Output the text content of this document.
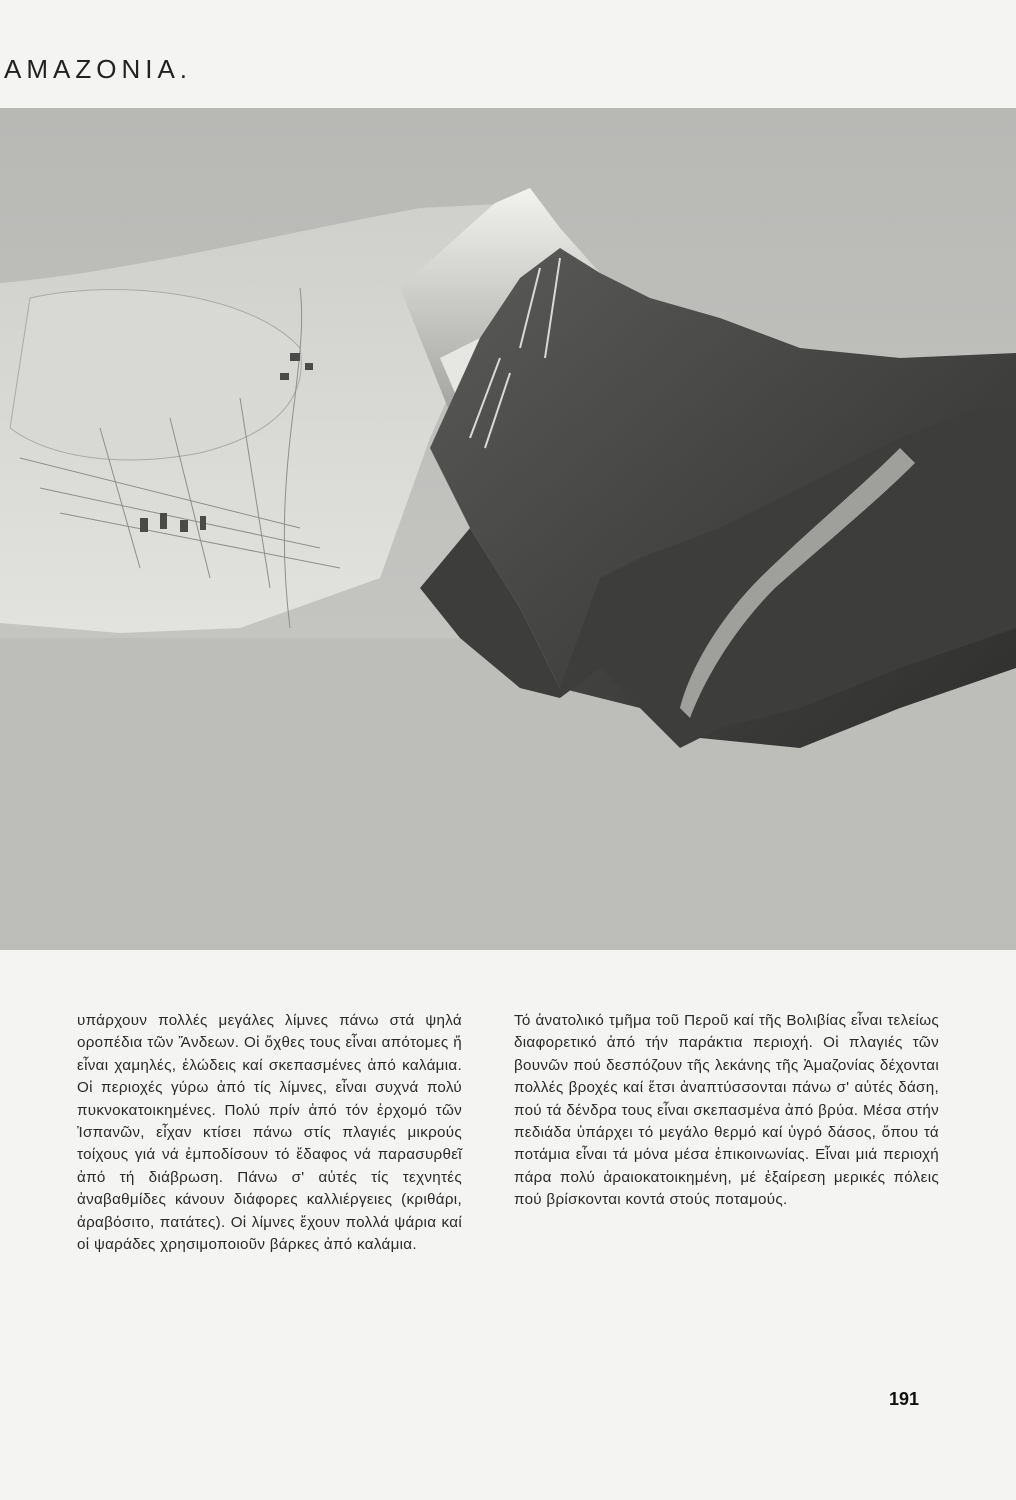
AMAZONIA.

υπάρχουν πολλές μεγάλες λίμνες πάνω στά ψηλά οροπέδια τῶν Ἄνδεων. Οἱ ὄχθες τους εἶναι απότομες ἤ εἶναι χαμηλές, ἑλώδεις καί σκεπασμένες ἀπό καλάμια. Οἱ περιοχές γύρω ἀπό τίς λίμνες, εἶναι συχνά πολύ πυκνοκατοικημένες. Πολύ πρίν ἀπό τόν ἐρχομό τῶν Ἰσπανῶν, εἶχαν κτίσει πάνω στίς πλαγιές μικρούς τοίχους γιά νά ἐμποδίσουν τό ἔδαφος νά παρασυρθεῖ ἀπό τή διάβρωση. Πάνω σ' αὐτές τίς τεχνητές ἀναβαθμίδες κάνουν διάφορες καλλιέργειες (κριθάρι, ἀραβόσιτο, πατάτες). Οἱ λίμνες ἔχουν πολλά ψάρια καί οἱ ψαράδες χρησιμοποιοῦν βάρκες ἀπό καλάμια.

Τό ἀνατολικό τμῆμα τοῦ Περοῦ καί τῆς Βολιβίας εἶναι τελείως διαφορετικό ἀπό τήν παράκτια περιοχή. Οἱ πλαγιές τῶν βουνῶν πού δεσπόζουν τῆς λεκάνης τῆς Ἀμαζονίας δέχονται πολλές βροχές καί ἔτσι ἀναπτύσσονται πάνω σ' αὐτές δάση, πού τά δένδρα τους εἶναι σκεπασμένα ἀπό βρύα. Μέσα στήν πεδιάδα ὑπάρχει τό μεγάλο θερμό καί ὑγρό δάσος, ὅπου τά ποτάμια εἶναι τά μόνα μέσα ἐπικοινωνίας. Εἶναι μιά περιοχή πάρα πολύ ἀραιοκατοικημένη, μέ ἐξαίρεση μερικές πόλεις πού βρίσκονται κοντά στούς ποταμούς.

191
